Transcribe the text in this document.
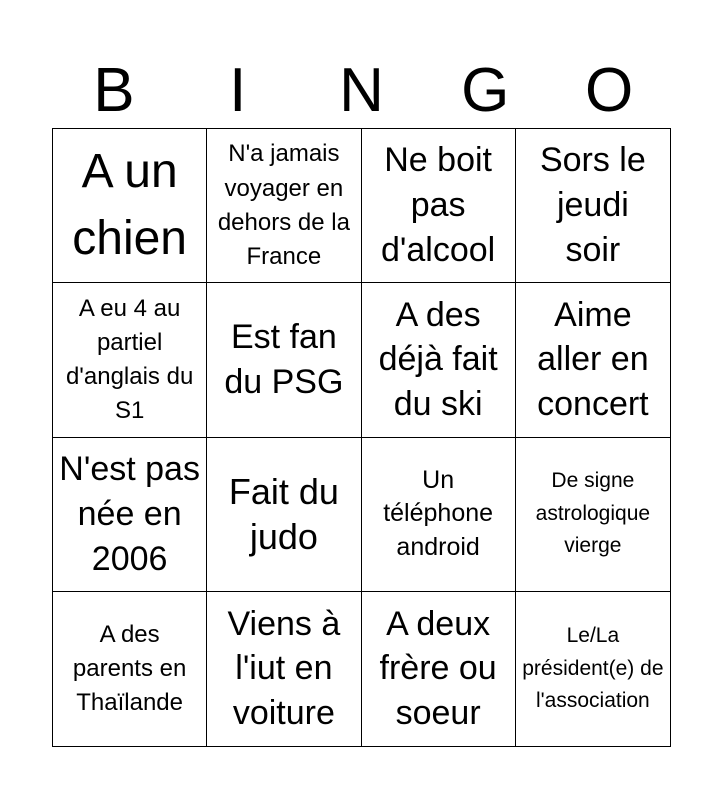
B	I	N	G	O
A un chien
N'a jamais voyager en dehors de la France
Ne boit pas d'alcool
Sors le jeudi soir
A eu 4 au partiel d'anglais du S1
Est fan du PSG
A des déjà fait du ski
Aime aller en concert
N'est pas née en 2006
Fait du judo
Un téléphone android
De signe astrologique vierge
A des parents en Thaïlande
Viens à l'iut en voiture
A deux frère ou soeur
Le/La président(e) de l'association
